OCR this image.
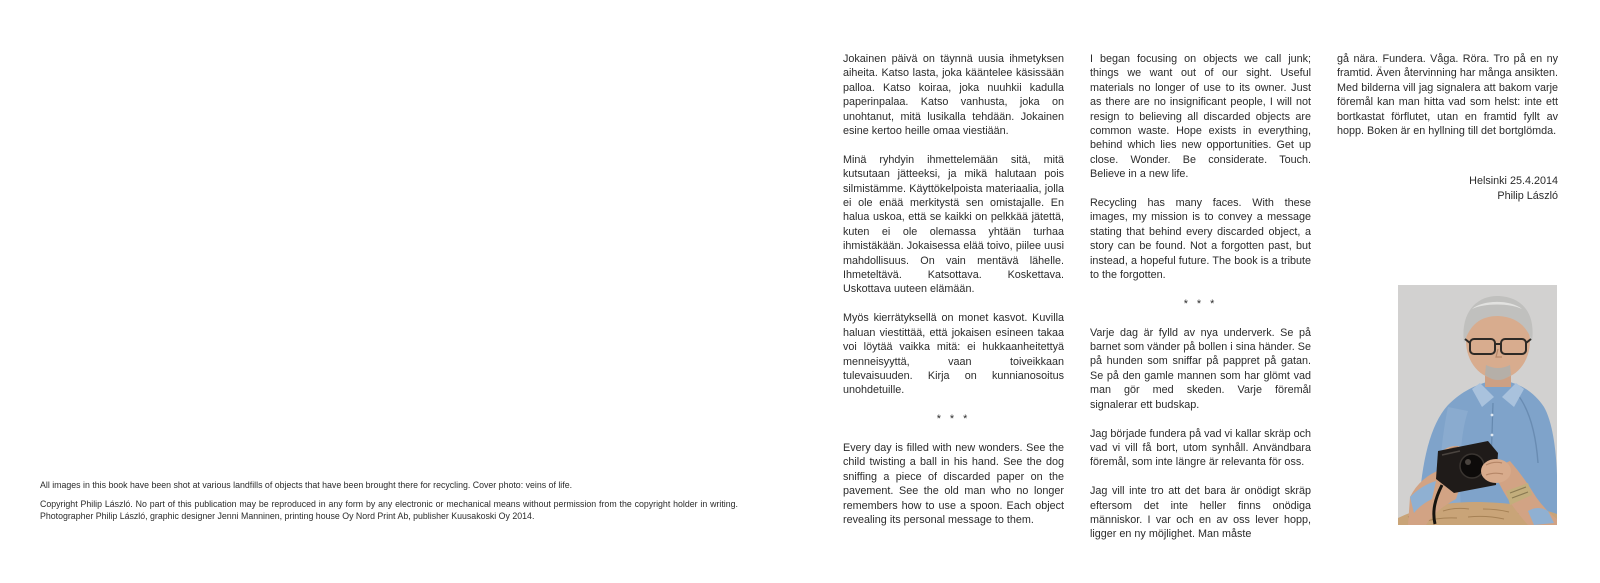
All images in this book have been shot at various landfills of objects that have been brought there for recycling. Cover photo: veins of life.

Copyright Philip László. No part of this publication may be reproduced in any form by any electronic or mechanical means without permission from the copyright holder in writing. Photographer Philip László, graphic designer Jenni Manninen, printing house Oy Nord Print Ab, publisher Kuusakoski Oy 2014.

Jokainen päivä on täynnä uusia ihmetyksen aiheita. Katso lasta, joka kääntelee käsissään palloa. Katso koiraa, joka nuuhkii kadulla paperinpalaa. Katso vanhusta, joka on unohtanut, mitä lusikalla tehdään. Jokainen esine kertoo heille omaa viestiään.

Minä ryhdyin ihmettelemään sitä, mitä kutsutaan jätteeksi, ja mikä halutaan pois silmistämme. Käyttökelpoista materiaalia, jolla ei ole enää merkitystä sen omistajalle. En halua uskoa, että se kaikki on pelkkää jätettä, kuten ei ole olemassa yhtään turhaa ihmistäkään. Jokaisessa elää toivo, piilee uusi mahdollisuus. On vain mentävä lähelle. Ihmeteltävä. Katsottava. Koskettava. Uskottava uuteen elämään.

Myös kierrätyksellä on monet kasvot. Kuvilla haluan viestittää, että jokaisen esineen takaa voi löytää vaikka mitä: ei hukkaanheitettyä menneisyyttä, vaan toiveikkaan tulevaisuuden. Kirja on kunnianosoitus unohdetuille.

* * *

Every day is filled with new wonders. See the child twisting a ball in his hand. See the dog sniffing a piece of discarded paper on the pavement. See the old man who no longer remembers how to use a spoon. Each object revealing its personal message to them.

I began focusing on objects we call junk; things we want out of our sight. Useful materials no longer of use to its owner. Just as there are no insignificant people, I will not resign to believing all discarded objects are common waste. Hope exists in everything, behind which lies new opportunities. Get up close. Wonder. Be considerate. Touch. Believe in a new life.

Recycling has many faces. With these images, my mission is to convey a message stating that behind every discarded object, a story can be found. Not a forgotten past, but instead, a hopeful future. The book is a tribute to the forgotten.

* * *

Varje dag är fylld av nya underverk. Se på barnet som vänder på bollen i sina händer. Se på hunden som sniffar på pappret på gatan. Se på den gamle mannen som har glömt vad man gör med skeden. Varje föremål signalerar ett budskap.

Jag började fundera på vad vi kallar skräp och vad vi vill få bort, utom synhåll. Användbara föremål, som inte längre är relevanta för oss.

Jag vill inte tro att det bara är onödigt skräp eftersom det inte heller finns onödiga människor. I var och en av oss lever hopp, ligger en ny möjlighet. Man måste

gå nära. Fundera. Våga. Röra. Tro på en ny framtid. Även återvinning har många ansikten. Med bilderna vill jag signalera att bakom varje föremål kan man hitta vad som helst: inte ett bortkastat förflutet, utan en framtid fyllt av hopp. Boken är en hyllning till det bortglömda.

Helsinki 25.4.2014
Philip László
